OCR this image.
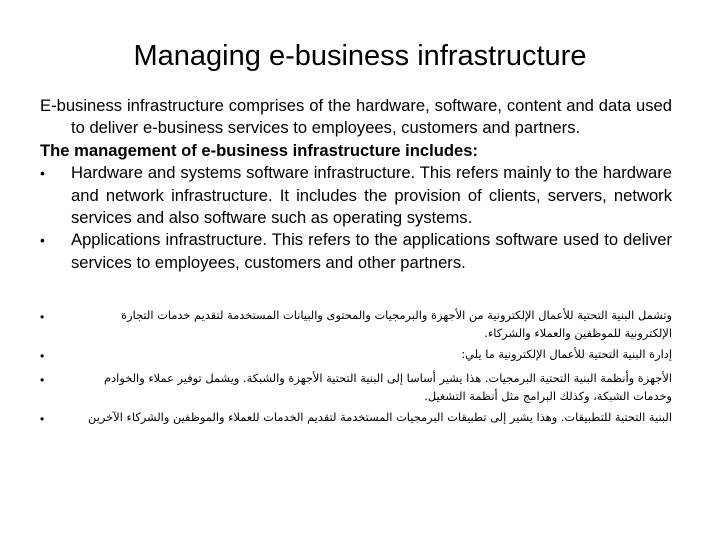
Managing e-business infrastructure
E-business infrastructure comprises of the hardware, software, content and data used to deliver e-business services to employees, customers and partners.
The management of e-business infrastructure includes:
•	Hardware and systems software infrastructure. This refers mainly to the hardware and network infrastructure. It includes the provision of clients, servers, network services and also software such as operating systems.
•	Applications infrastructure. This refers to the applications software used to deliver services to employees, customers and other partners.
•	وتشمل البنية التحتية للأعمال الإلكترونية من الأجهزة والبرمجيات والمحتوى والبيانات المستخدمة لتقديم خدمات التجارة الإلكترونية للموظفين والعملاء والشركاء.
•	إدارة البنية التحتية للأعمال الإلكترونية ما يلي:
•	الأجهزة وأنظمة البنية التحتية البرمجيات. هذا يشير أساسا إلى البنية التحتية الأجهزة والشبكة. ويشمل توفير عملاء والخوادم وخدمات الشبكة، وكذلك البرامج مثل أنظمة التشغيل.
•	البنية التحتية للتطبيقات. وهذا يشير إلى تطبيقات البرمجيات المستخدمة لتقديم الخدمات للعملاء والموظفين والشركاء الآخرين
